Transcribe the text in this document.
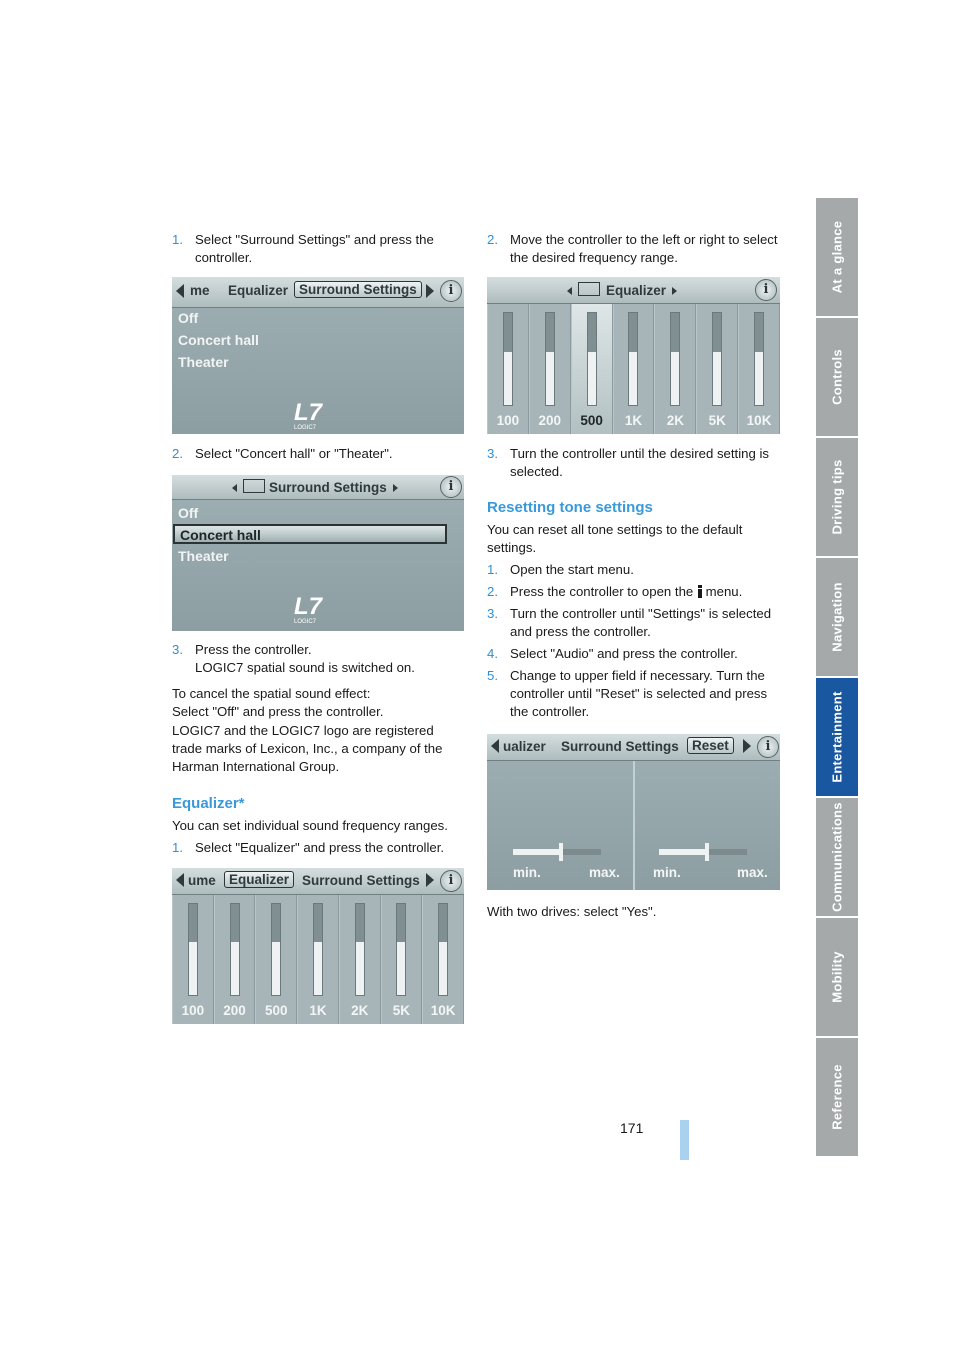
171
1. Select "Surround Settings" and press the controller.
me Equalizer Surround Settings	i
Off
Concert hall
Theater
L7
LOGIC7
2. Select "Concert hall" or "Theater".
Surround Settings	i
Off
Concert hall
Theater
L7
LOGIC7
3. Press the controller.
LOGIC7 spatial sound is switched on.

To cancel the spatial sound effect:

Select "Off" and press the controller.

LOGIC7 and the LOGIC7 logo are registered trade marks of Lexicon, Inc., a company of the Harman International Group.

Equalizer*

You can set individual sound frequency ranges.

1. Select "Equalizer" and press the controller.
ume Equalizer Surround Settings	i
100	200	500	1K	2K	5K	10K
2. Move the controller to the left or right to select the desired frequency range.
Equalizer	i
100	200	500	1K	2K	5K	10K
3. Turn the controller until the desired setting is selected.
Resetting tone settings

You can reset all tone settings to the default settings.

1. Open the start menu.
2. Press the controller to open the menu.
3. Turn the controller until "Settings" is selected and press the controller.
4. Select "Audio" and press the controller.
5. Change to upper field if necessary. Turn the controller until "Reset" is selected and press the controller.
ualizer Surround Settings Reset	i
min.	max. min.	max.

With two drives: select "Yes".

At a glance
Controls
Driving tips
Navigation
Entertainment
Communications
Mobility
Reference
